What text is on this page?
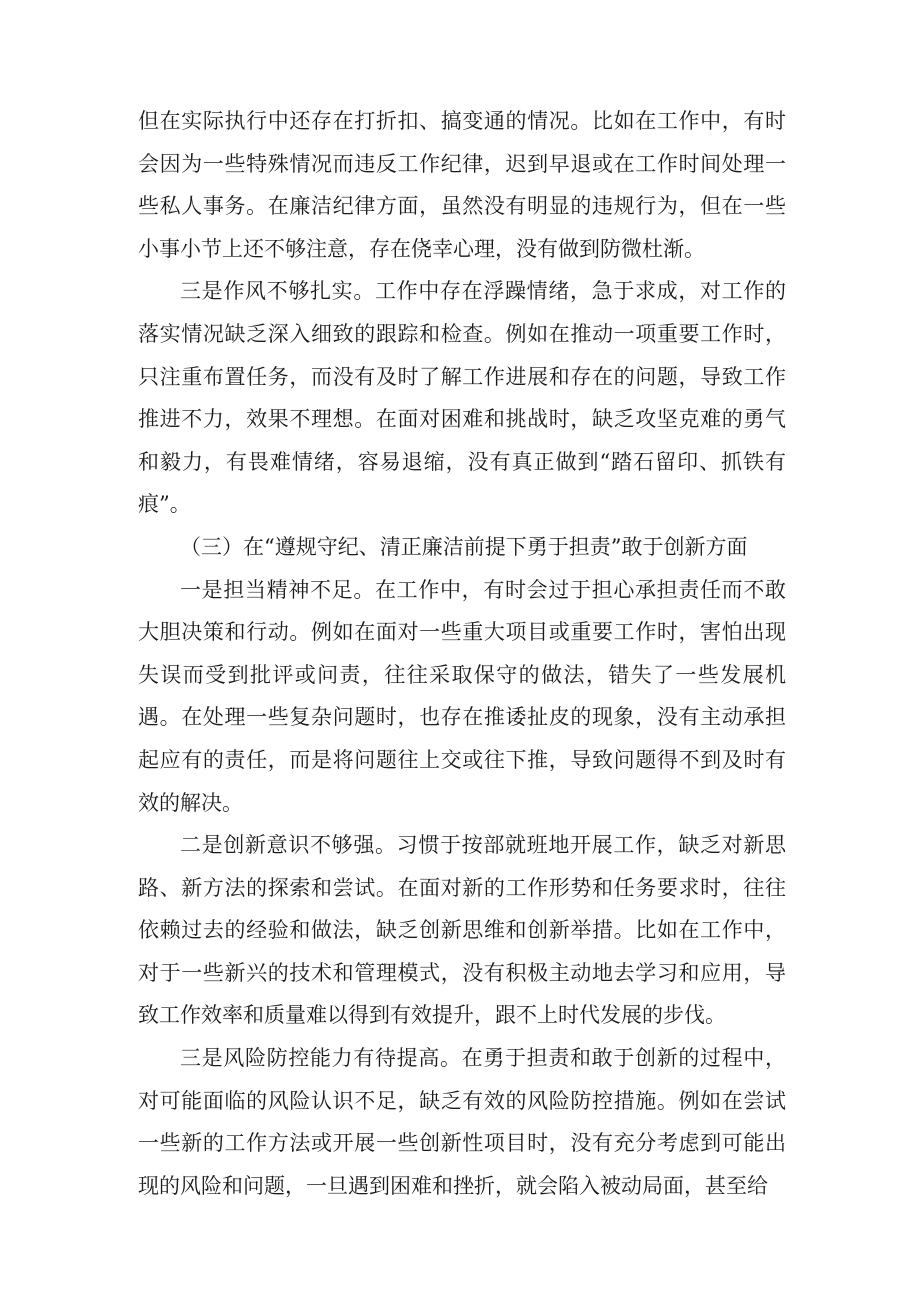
但在实际执行中还存在打折扣、搞变通的情况。比如在工作中，有时会因为一些特殊情况而违反工作纪律，迟到早退或在工作时间处理一些私人事务。在廉洁纪律方面，虽然没有明显的违规行为，但在一些小事小节上还不够注意，存在侥幸心理，没有做到防微杜渐。

三是作风不够扎实。工作中存在浮躁情绪，急于求成，对工作的落实情况缺乏深入细致的跟踪和检查。例如在推动一项重要工作时，只注重布置任务，而没有及时了解工作进展和存在的问题，导致工作推进不力，效果不理想。在面对困难和挑战时，缺乏攻坚克难的勇气和毅力，有畏难情绪，容易退缩，没有真正做到“踏石留印、抓铁有痕”。

（三）在“遵规守纪、清正廉洁前提下勇于担责”敢于创新方面

一是担当精神不足。在工作中，有时会过于担心承担责任而不敢大胆决策和行动。例如在面对一些重大项目或重要工作时，害怕出现失误而受到批评或问责，往往采取保守的做法，错失了一些发展机遇。在处理一些复杂问题时，也存在推诿扯皮的现象，没有主动承担起应有的责任，而是将问题往上交或往下推，导致问题得不到及时有效的解决。

二是创新意识不够强。习惯于按部就班地开展工作，缺乏对新思路、新方法的探索和尝试。在面对新的工作形势和任务要求时，往往依赖过去的经验和做法，缺乏创新思维和创新举措。比如在工作中，对于一些新兴的技术和管理模式，没有积极主动地去学习和应用，导致工作效率和质量难以得到有效提升，跟不上时代发展的步伐。

三是风险防控能力有待提高。在勇于担责和敢于创新的过程中，对可能面临的风险认识不足，缺乏有效的风险防控措施。例如在尝试一些新的工作方法或开展一些创新性项目时，没有充分考虑到可能出现的风险和问题，一旦遇到困难和挫折，就会陷入被动局面，甚至给
